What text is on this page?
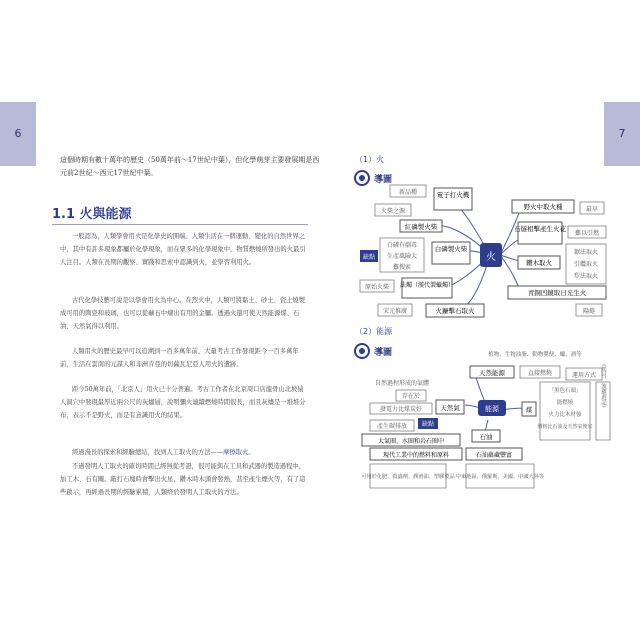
6	7
這個時期有數十萬年的歷史（50萬年前～17世紀中葉），但化學萌芽主要發展期是西元前2世紀～西元17世紀中葉。
1.1 火與能源
一般認為，人類學會用火是化學史的開端。人類生活在一個運動、變化的自然世界之中，其中有許多現象都屬於化學現象，而在眾多的化學現象中，物質燃燒所發出的火最引人注目。人類在長期的觀察、實踐和思索中認識到火，並學習利用火。
古代化學技藝可說是以學會用火為中心。在烈火中，人類可將黏土、砂土、瓷土燒製成可用的陶瓷和玻璃，也可以從礦石中煉出有用的金屬。透過火還可使天然能源煤、石油、天然氣得以利用。
人類用火的歷史最早可以追溯到一百多萬年前，大量考古工作發現距今一百多萬年前，生活在雲南的元謀人和非洲肯亞的切薩瓦尼亞人用火的遺跡。
距今50萬年前，「北京人」用火已十分普遍。考古工作者在北京周口店龍骨山北坡猿人洞穴中發現最厚近兩公尺的灰燼層，說明彌火連續燃燒時間很長，而且灰燼是一堆堆分布，表示不是野火，而是有意識用火的結果。
經過漫長的探索和經驗總結，找到人工取火的方法——摩擦取火。
不過發明人工取火的確切時間已經無從考證，很可能與在工具和武器的製造過程中，加工木、石有關。敲打石塊時會擊出火星，鑽木時木頭會發熱，甚至產生煙火等，有了這些啟示，再經過長期的經驗累積，人類終於發明人工取火的方法。
（1）火
導圖
（2）能源
導圖
火
電子打火機
新品種
火柴之源
紅磷製火柴
白磷有劇毒
生產風險大
難搜索
白磷製火柴
缺點
原始火柴 法燭（漢代製蠟燭）
宋元推廣	火鐮擊石取火
野火中取火種	最早
石燧相擊產生火花
難以引燃
鑽木取火
鋸法取火
引纜取火
犁法取火
青銅凹鏡取日光生火
陽燧
能源
植物、生物油脂、動物糞便、蠟、酒等
天然能源	直接燃燒	運用方式
自然過程形成的氣體
存在於
發電力比煤炭好	天然氣
缺點
產生碳排放
大氣圈、水圈和岩石圈中
煤
「黑色石頭」
能燃燒
火力比木材強
價格比石油及天然氣便宜
《馬可．波羅遊記》
石油
現代工業中的燃料和原料	石油蘊藏豐富
可用於化肥、殺蟲劑、潤滑油、塑膠製品 中東地區、俄羅斯、美國、中國大陸等
